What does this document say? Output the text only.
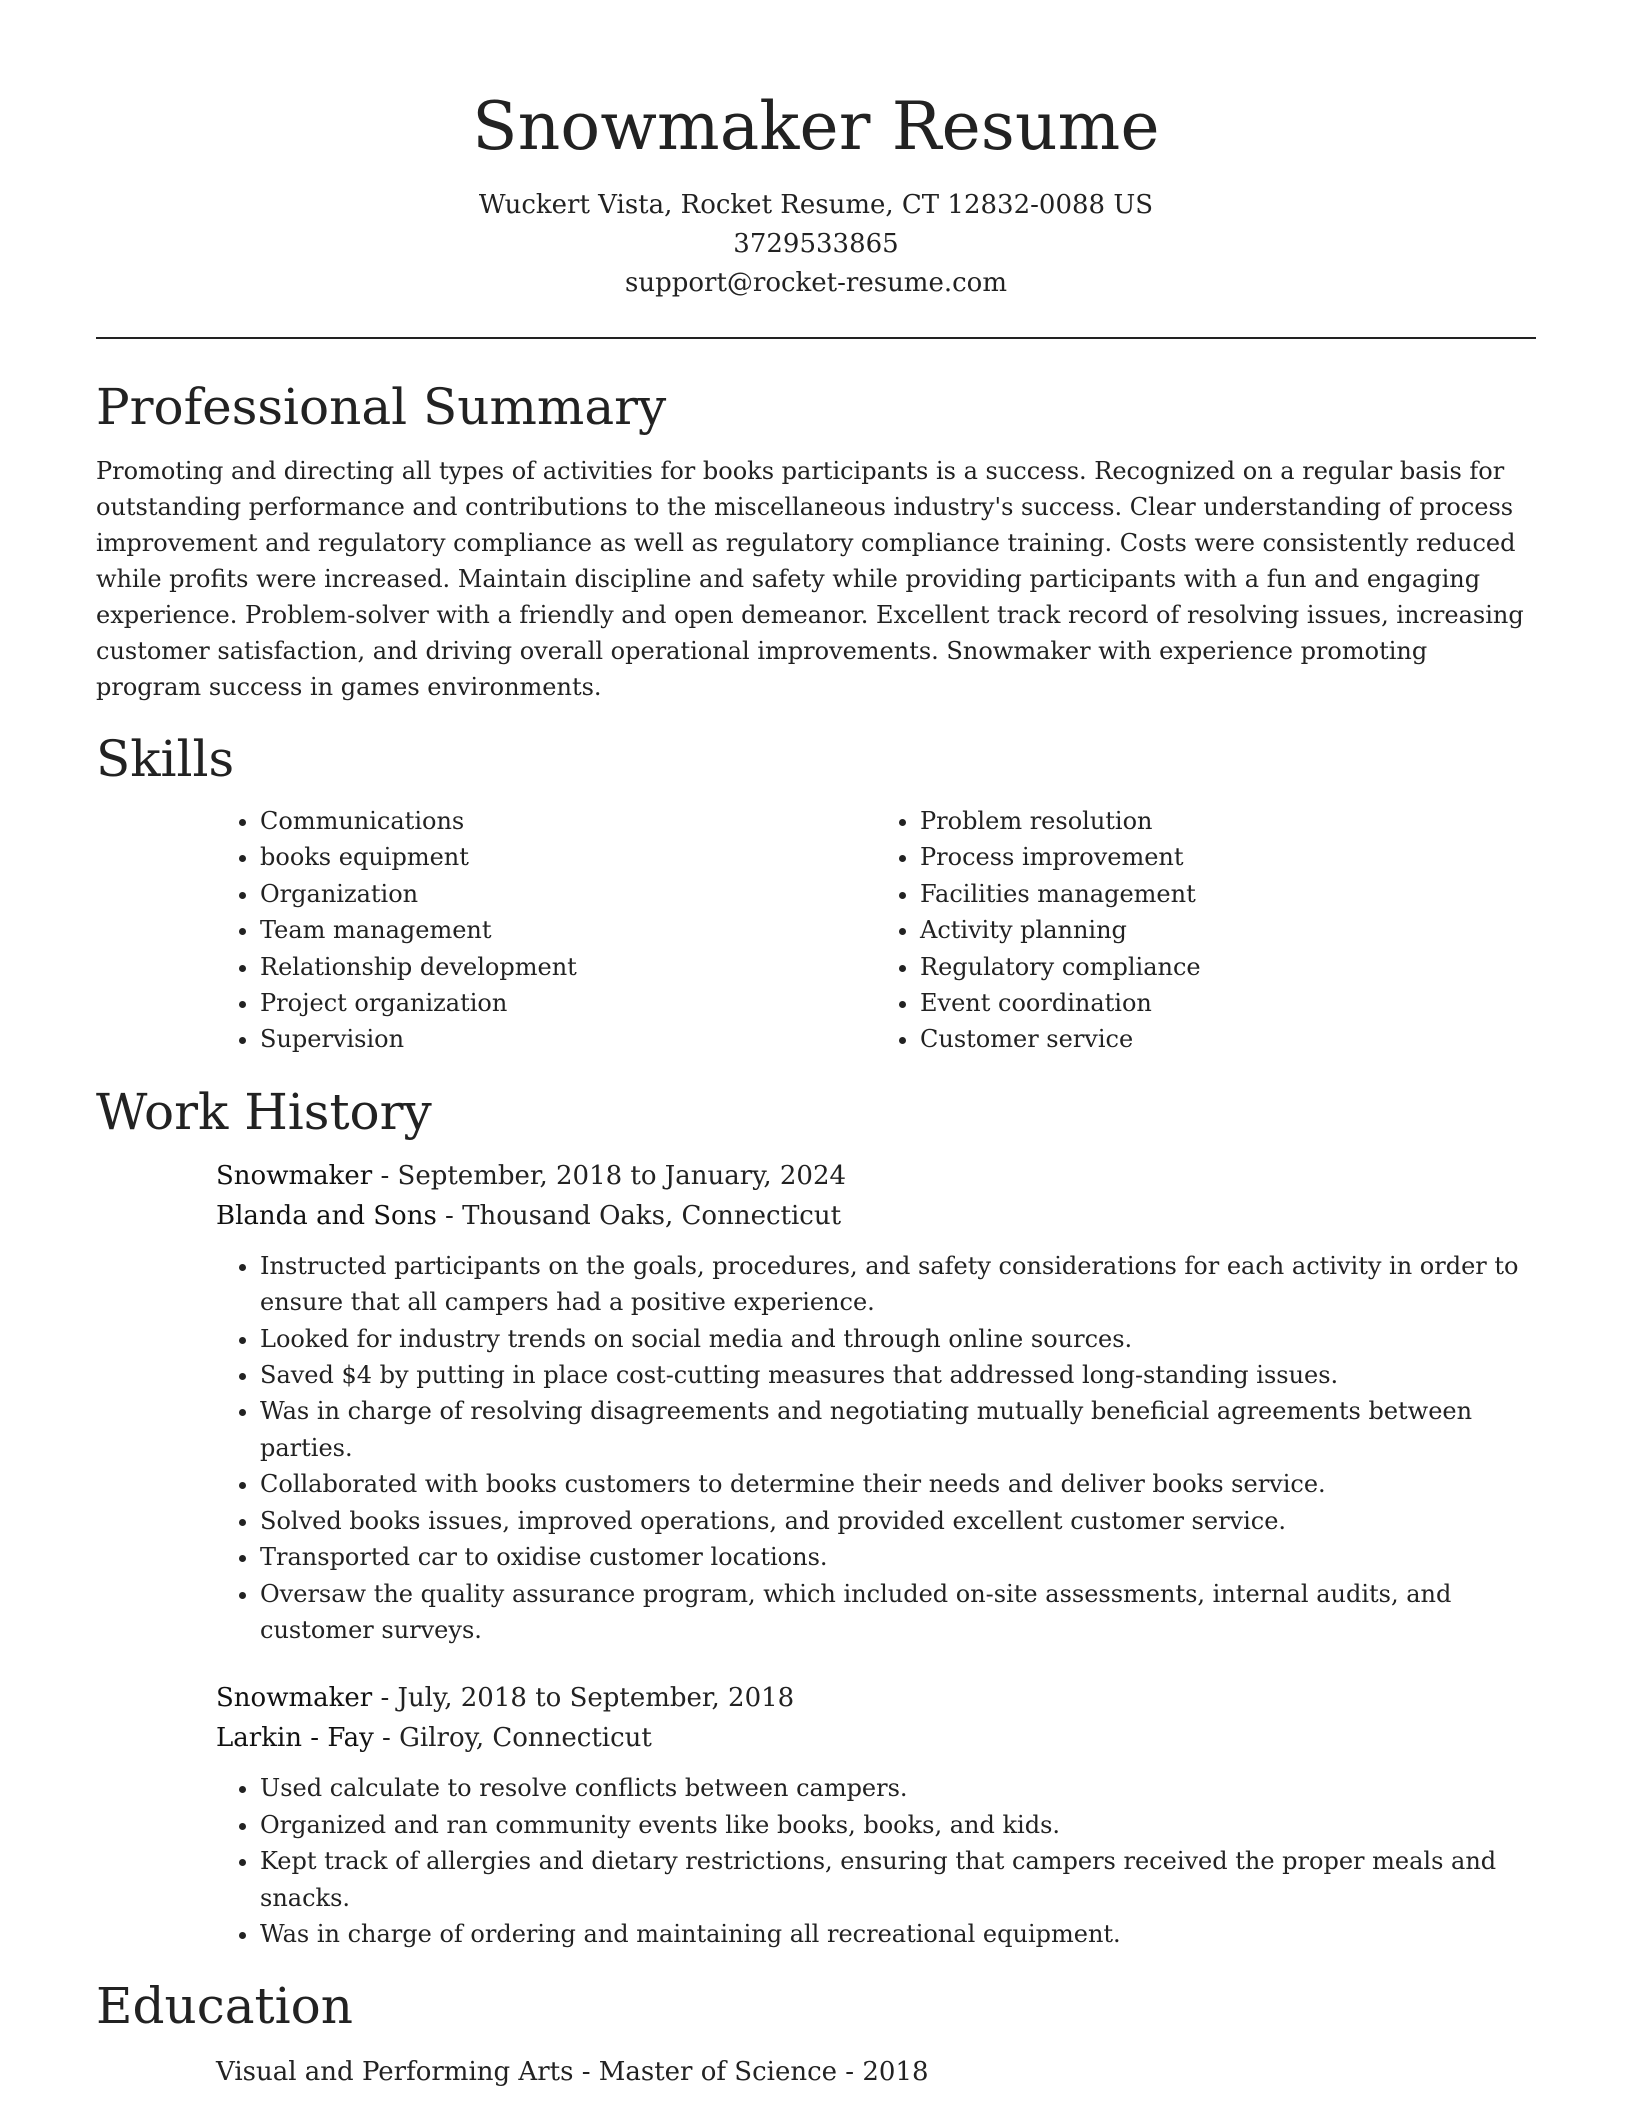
Snowmaker Resume
Wuckert Vista, Rocket Resume, CT 12832-0088 US
3729533865
support@rocket-resume.com
Professional Summary

Promoting and directing all types of activities for books participants is a success. Recognized on a regular basis for outstanding performance and contributions to the miscellaneous industry's success. Clear understanding of process improvement and regulatory compliance as well as regulatory compliance training. Costs were consistently reduced while profits were increased. Maintain discipline and safety while providing participants with a fun and engaging experience. Problem-solver with a friendly and open demeanor. Excellent track record of resolving issues, increasing customer satisfaction, and driving overall operational improvements. Snowmaker with experience promoting program success in games environments.

Skills
• Communications
• books equipment
• Organization
• Team management
• Relationship development
• Project organization
• Supervision
• Problem resolution
• Process improvement
• Facilities management
• Activity planning
• Regulatory compliance
• Event coordination
• Customer service
Work History
Snowmaker - September, 2018 to January, 2024
Blanda and Sons - Thousand Oaks, Connecticut
• Instructed participants on the goals, procedures, and safety considerations for each activity in order to ensure that all campers had a positive experience.
• Looked for industry trends on social media and through online sources.
• Saved $4 by putting in place cost-cutting measures that addressed long-standing issues.
• Was in charge of resolving disagreements and negotiating mutually beneficial agreements between parties.
• Collaborated with books customers to determine their needs and deliver books service.
• Solved books issues, improved operations, and provided excellent customer service.
• Transported car to oxidise customer locations.
• Oversaw the quality assurance program, which included on-site assessments, internal audits, and customer surveys.
Snowmaker - July, 2018 to September, 2018
Larkin - Fay - Gilroy, Connecticut
• Used calculate to resolve conflicts between campers.
• Organized and ran community events like books, books, and kids.
• Kept track of allergies and dietary restrictions, ensuring that campers received the proper meals and snacks.
• Was in charge of ordering and maintaining all recreational equipment.
Education
Visual and Performing Arts - Master of Science - 2018
